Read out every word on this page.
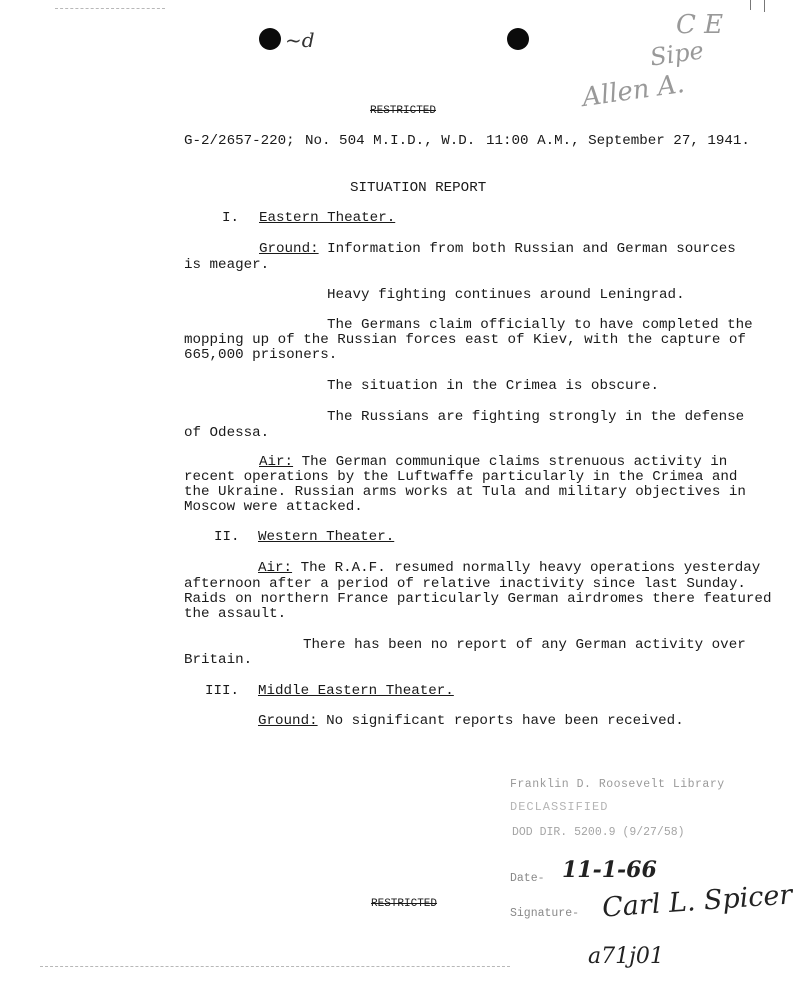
~d	C E
Sipe
Allen A.
RESTRICTED
G-2/2657-220; No. 504 M.I.D., W.D. 11:00 A.M., September 27, 1941.
SITUATION REPORT
I. Eastern Theater.
Ground: Information from both Russian and German sources
is meager.
Heavy fighting continues around Leningrad.
The Germans claim officially to have completed the
mopping up of the Russian forces east of Kiev, with the capture of
665,000 prisoners.
The situation in the Crimea is obscure.
The Russians are fighting strongly in the defense
of Odessa.
Air: The German communique claims strenuous activity in
recent operations by the Luftwaffe particularly in the Crimea and
the Ukraine. Russian arms works at Tula and military objectives in
Moscow were attacked.
II. Western Theater.
Air: The R.A.F. resumed normally heavy operations yesterday
afternoon after a period of relative inactivity since last Sunday.
Raids on northern France particularly German airdromes there featured
the assault.
There has been no report of any German activity over
Britain.
III. Middle Eastern Theater.
Ground: No significant reports have been received.
Franklin D. Roosevelt Library
DECLASSIFIED
DOD DIR. 5200.9 (9/27/58)
Date- 11-1-66
Signature- Carl L. Spicer
RESTRICTED
a71j01
